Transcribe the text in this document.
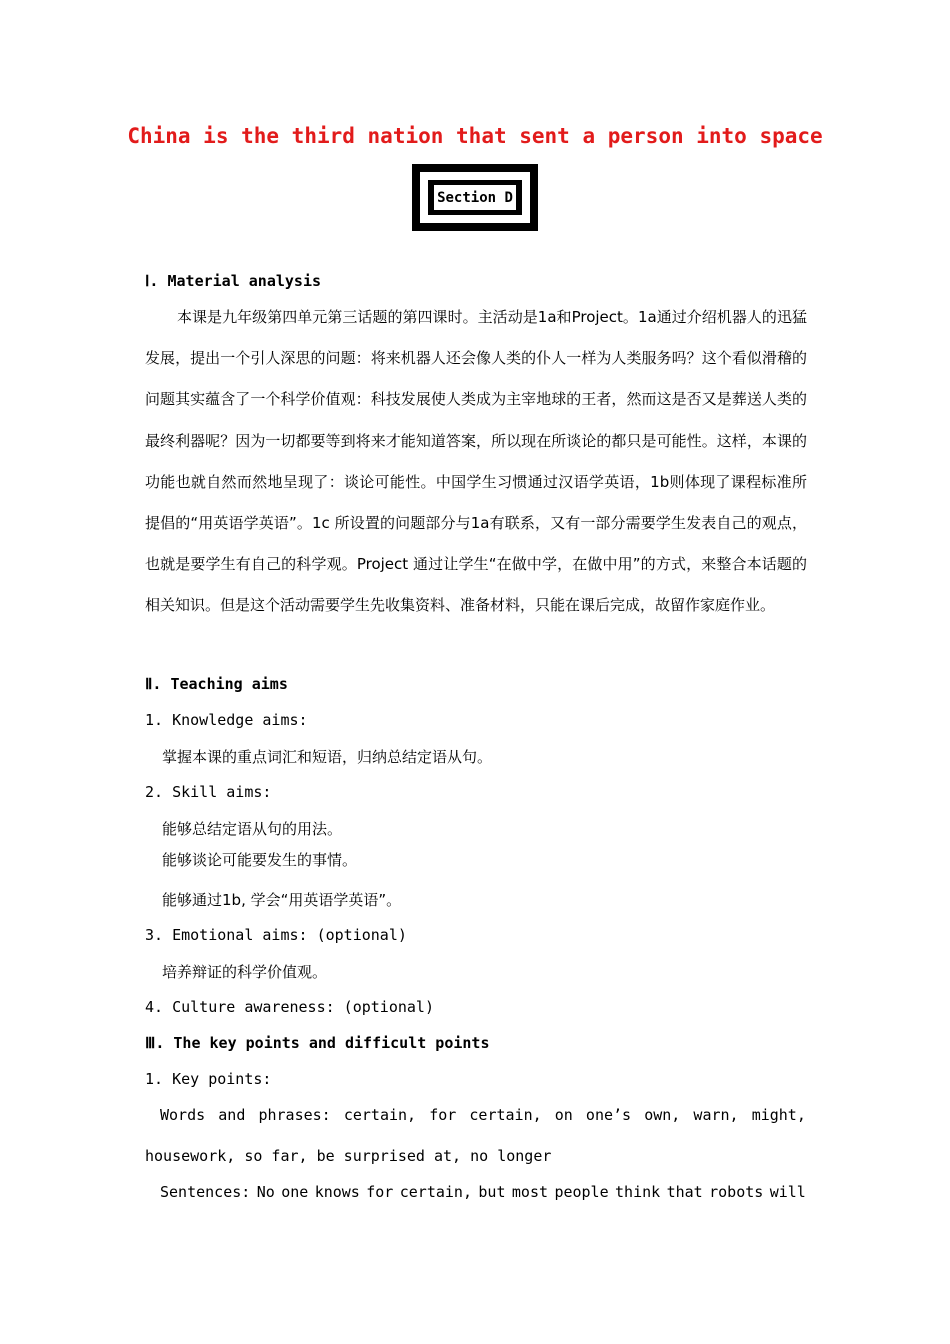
China is the third nation that sent a person into space
Section D
Ⅰ. Material analysis

本课是九年级第四单元第三话题的第四课时。主活动是1a和Project。1a通过介绍机器人的迅猛发展，提出一个引人深思的问题：将来机器人还会像人类的仆人一样为人类服务吗？这个看似滑稽的问题其实蕴含了一个科学价值观：科技发展使人类成为主宰地球的王者，然而这是否又是葬送人类的最终利器呢？因为一切都要等到将来才能知道答案，所以现在所谈论的都只是可能性。这样，本课的功能也就自然而然地呈现了：谈论可能性。中国学生习惯通过汉语学英语，1b则体现了课程标准所提倡的“用英语学英语”。1c 所设置的问题部分与1a有联系，又有一部分需要学生发表自己的观点，也就是要学生有自己的科学观。Project 通过让学生“在做中学，在做中用”的方式，来整合本话题的相关知识。但是这个活动需要学生先收集资料、准备材料，只能在课后完成，故留作家庭作业。

Ⅱ. Teaching aims
1. Knowledge aims:
掌握本课的重点词汇和短语，归纳总结定语从句。
2. Skill aims:
能够总结定语从句的用法。
能够谈论可能要发生的事情。
能够通过1b, 学会“用英语学英语”。
3. Emotional aims: (optional)
培养辩证的科学价值观。
4. Culture awareness: (optional)
Ⅲ. The key points and difficult points
1. Key points:
Words and phrases: certain, for certain, on one’s own, warn, might,
housework, so far, be surprised at, no longer
Sentences: No one knows for certain, but most people think that robots will
